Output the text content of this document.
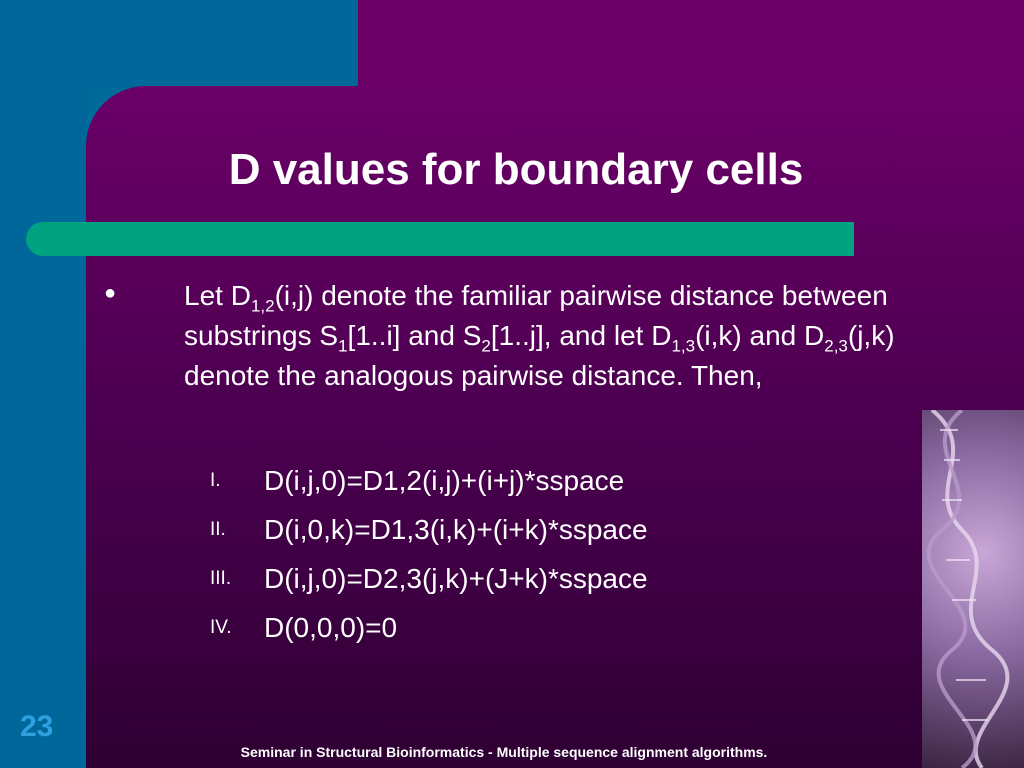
D values for boundary cells
● Let $D_{1,2}(i,j)$ denote the familiar pairwise distance between substrings $S_1[1..i]$ and $S_2[1..j]$, and let $D_{1,3}(i,k)$ and $D_{2,3}(j,k)$ denote the analogous pairwise distance. Then,

I.	D(i,j,0)=D1,2(i,j)+(i+j)*sspace
II.	D(i,0,k)=D1,3(i,k)+(i+k)*sspace
III.	D(i,j,0)=D2,3(j,k)+(J+k)*sspace
IV.	D(0,0,0)=0
23
Seminar in Structural Bioinformatics - Multiple sequence alignment algorithms.
